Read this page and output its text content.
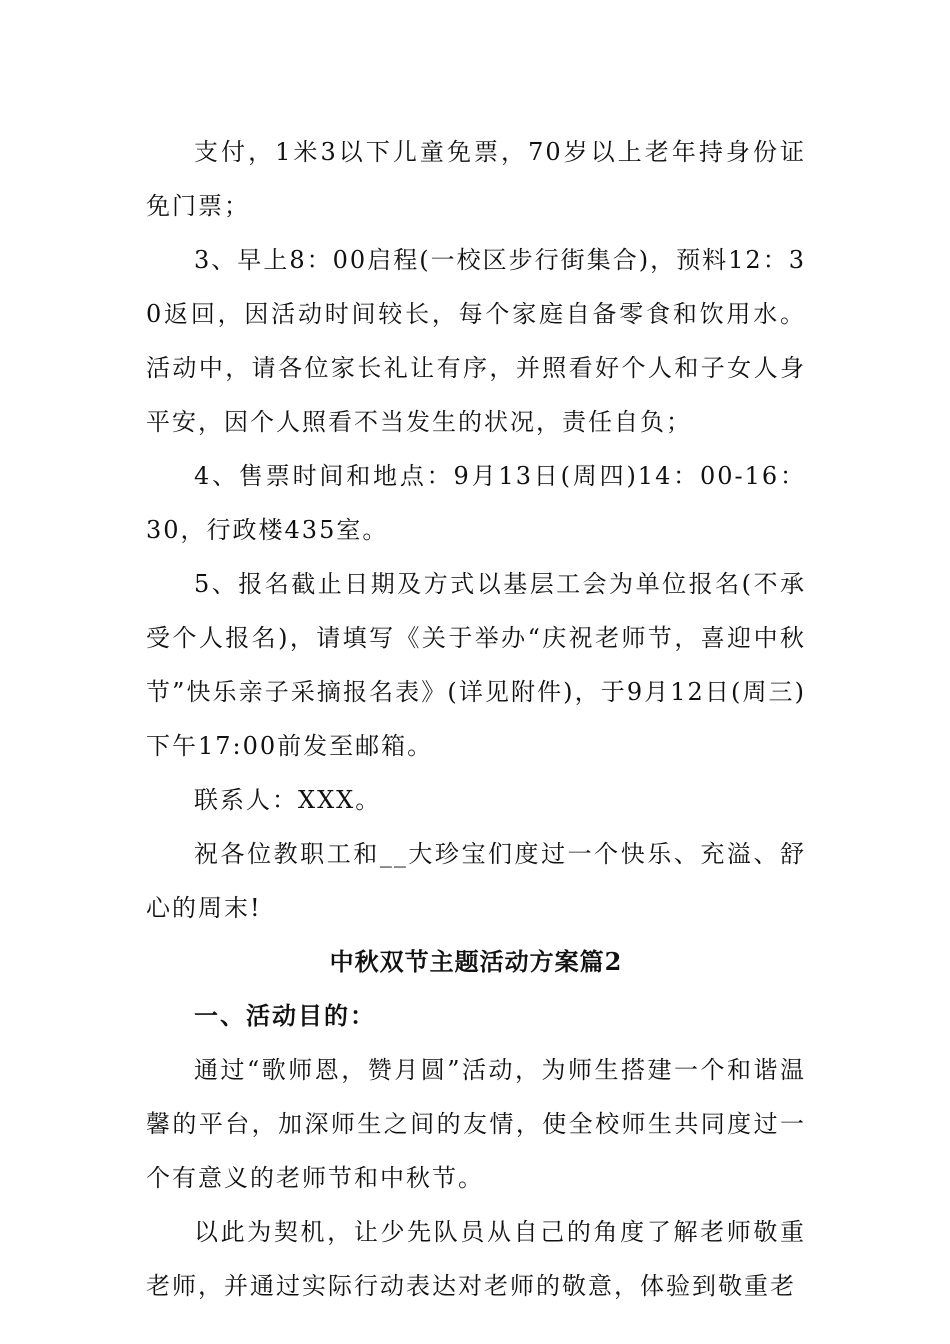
支付，1米3以下儿童免票，70岁以上老年持身份证免门票；

3、早上8：00启程(一校区步行街集合)，预料12：30返回，因活动时间较长，每个家庭自备零食和饮用水。活动中，请各位家长礼让有序，并照看好个人和子女人身平安，因个人照看不当发生的状况，责任自负；

4、售票时间和地点：9月13日(周四)14：00-16：30，行政楼435室。

5、报名截止日期及方式以基层工会为单位报名(不承受个人报名)，请填写《关于举办“庆祝老师节，喜迎中秋节”快乐亲子采摘报名表》(详见附件)，于9月12日(周三)下午17:00前发至邮箱。

联系人：XXX。

祝各位教职工和__大珍宝们度过一个快乐、充溢、舒心的周末!

中秋双节主题活动方案篇2
一、活动目的：

通过“歌师恩，赞月圆”活动，为师生搭建一个和谐温馨的平台，加深师生之间的友情，使全校师生共同度过一个有意义的老师节和中秋节。

以此为契机，让少先队员从自己的角度了解老师敬重老师，并通过实际行动表达对老师的敬意，体验到敬重老
